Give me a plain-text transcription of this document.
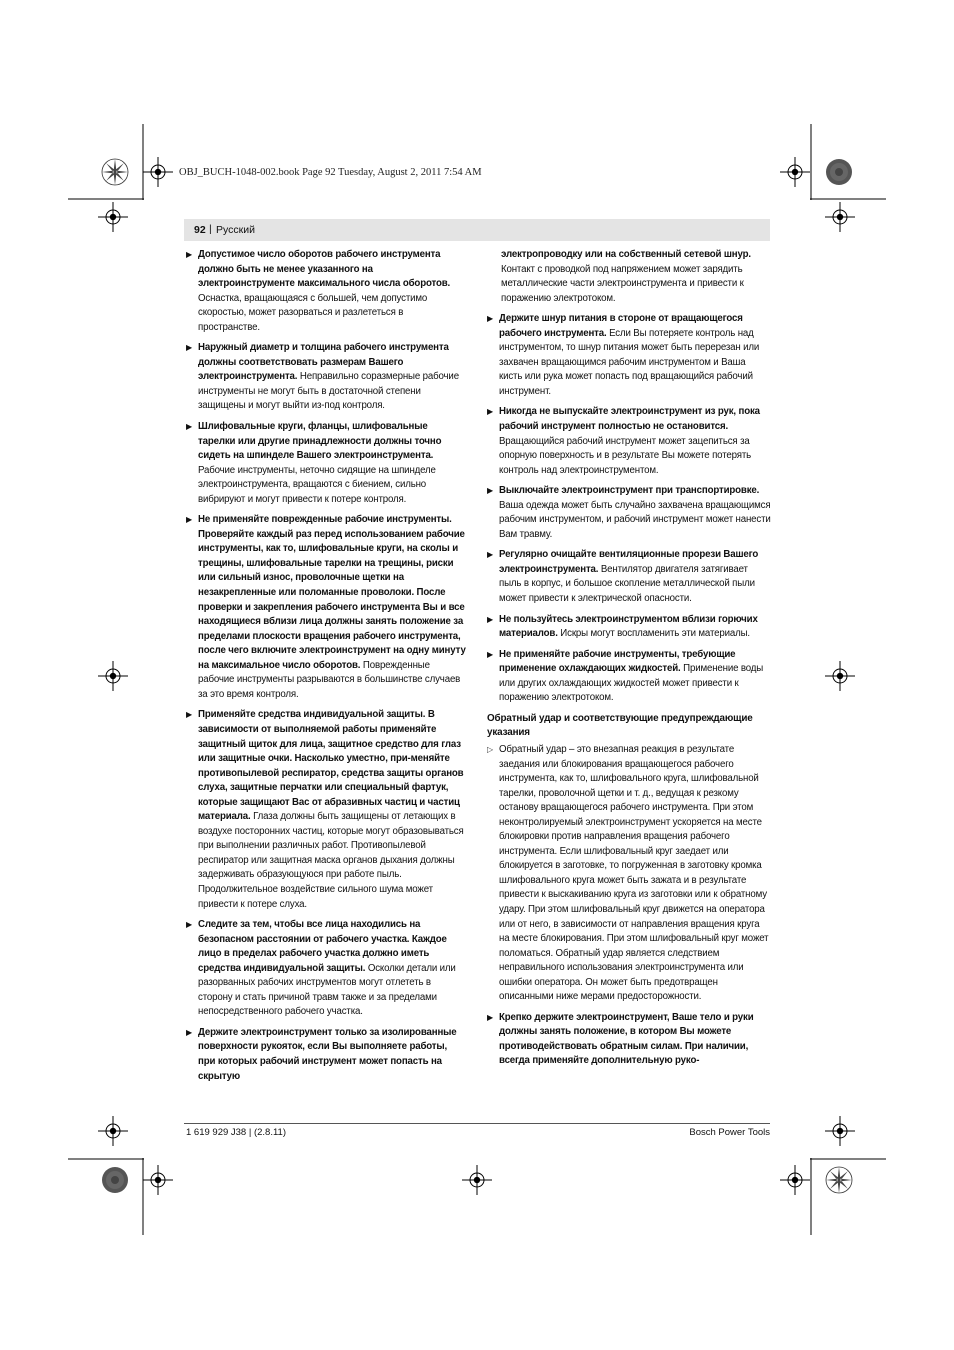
OBJ_BUCH-1048-002.book Page 92 Tuesday, August 2, 2011 7:54 AM
92 | Русский
▶ Допустимое число оборотов рабочего инструмента должно быть не менее указанного на электроинструменте максимального числа оборотов. Оснастка, вращающаяся с большей, чем допустимо скоростью, может разорваться и разлететься в пространстве.
▶ Наружный диаметр и толщина рабочего инструмента должны соответствовать размерам Вашего электроинструмента. Неправильно соразмерные рабочие инструменты не могут быть в достаточной степени защищены и могут выйти из-под контроля.
▶ Шлифовальные круги, фланцы, шлифовальные тарелки или другие принадлежности должны точно сидеть на шпинделе Вашего электроинструмента. Рабочие инструменты, неточно сидящие на шпинделе электроинструмента, вращаются с биением, сильно вибрируют и могут привести к потере контроля.
▶ Не применяйте поврежденные рабочие инструменты. Проверяйте каждый раз перед использованием рабочие инструменты, как то, шлифовальные круги, на сколы и трещины, шлифовальные тарелки на трещины, риски или сильный износ, проволочные щетки на незакрепленные или поломанные проволоки. После проверки и закрепления рабочего инструмента Вы и все находящиеся вблизи лица должны занять положение за пределами плоскости вращения рабочего инструмента, после чего включите электроинструмент на одну минуту на максимальное число оборотов. Поврежденные рабочие инструменты разрываются в большинстве случаев за это время контроля.
▶ Применяйте средства индивидуальной защиты. В зависимости от выполняемой работы применяйте защитный щиток для лица, защитное средство для глаз или защитные очки. Насколько уместно, при-меняйте противопылевой респиратор, средства защиты органов слуха, защитные перчатки или специальный фартук, которые защищают Вас от абразивных частиц и частиц материала. Глаза должны быть защищены от летающих в воздухе посторонних частиц, которые могут образовываться при выполнении различных работ. Противопылевой респиратор или защитная маска органов дыхания должны задерживать образующуюся при работе пыль. Продолжительное воздействие сильного шума может привести к потере слуха.
▶ Следите за тем, чтобы все лица находились на безопасном расстоянии от рабочего участка. Каждое лицо в пределах рабочего участка должно иметь средства индивидуальной защиты. Осколки детали или разорванных рабочих инструментов могут отлететь в сторону и стать причиной травм также и за пределами непосредственного рабочего участка.
▶ Держите электроинструмент только за изолированные поверхности рукояток, если Вы выполняете работы, при которых рабочий инструмент может попасть на скрытую
электропроводку или на собственный сетевой шнур. Контакт с проводкой под напряжением может зарядить металлические части электроинструмента и привести к поражению электротоком.
▶ Держите шнур питания в стороне от вращающегося рабочего инструмента. Если Вы потеряете контроль над инструментом, то шнур питания может быть перерезан или захвачен вращающимся рабочим инструментом и Ваша кисть или рука может попасть под вращающийся рабочий инструмент.
▶ Никогда не выпускайте электроинструмент из рук, пока рабочий инструмент полностью не остановится. Вращающийся рабочий инструмент может зацепиться за опорную поверхность и в результате Вы можете потерять контроль над электроинструментом.
▶ Выключайте электроинструмент при транспортировке. Ваша одежда может быть случайно захвачена вращающимся рабочим инструментом, и рабочий инструмент может нанести Вам травму.
▶ Регулярно очищайте вентиляционные прорези Вашего электроинструмента. Вентилятор двигателя затягивает пыль в корпус, и большое скопление металлической пыли может привести к электрической опасности.
▶ Не пользуйтесь электроинструментом вблизи горючих материалов. Искры могут воспламенить эти материалы.
▶ Не применяйте рабочие инструменты, требующие применение охлаждающих жидкостей. Применение воды или других охлаждающих жидкостей может привести к поражению электротоком.
Обратный удар и соответствующие предупреждающие указания
▷ Обратный удар – это внезапная реакция в результате заедания или блокирования вращающегося рабочего инструмента, как то, шлифовального круга, шлифовальной тарелки, проволочной щетки и т. д., ведущая к резкому останову вращающегося рабочего инструмента. При этом неконтролируемый электроинструмент ускоряется на месте блокировки против направления вращения рабочего инструмента. Если шлифовальный круг заедает или блокируется в заготовке, то погруженная в заготовку кромка шлифовального круга может быть зажата и в результате привести к выскакиванию круга из заготовки или к обратному удару. При этом шлифовальный круг движется на оператора или от него, в зависимости от направления вращения круга на месте блокирования. При этом шлифовальный круг может поломаться. Обратный удар является следствием неправильного использования электроинструмента или ошибки оператора. Он может быть предотвращен описанными ниже мерами предосторожности.
▶ Крепко держите электроинструмент, Ваше тело и руки должны занять положение, в котором Вы можете противодействовать обратным силам. При наличии, всегда применяйте дополнительную руко-
1 619 929 J38 | (2.8.11)	Bosch Power Tools
